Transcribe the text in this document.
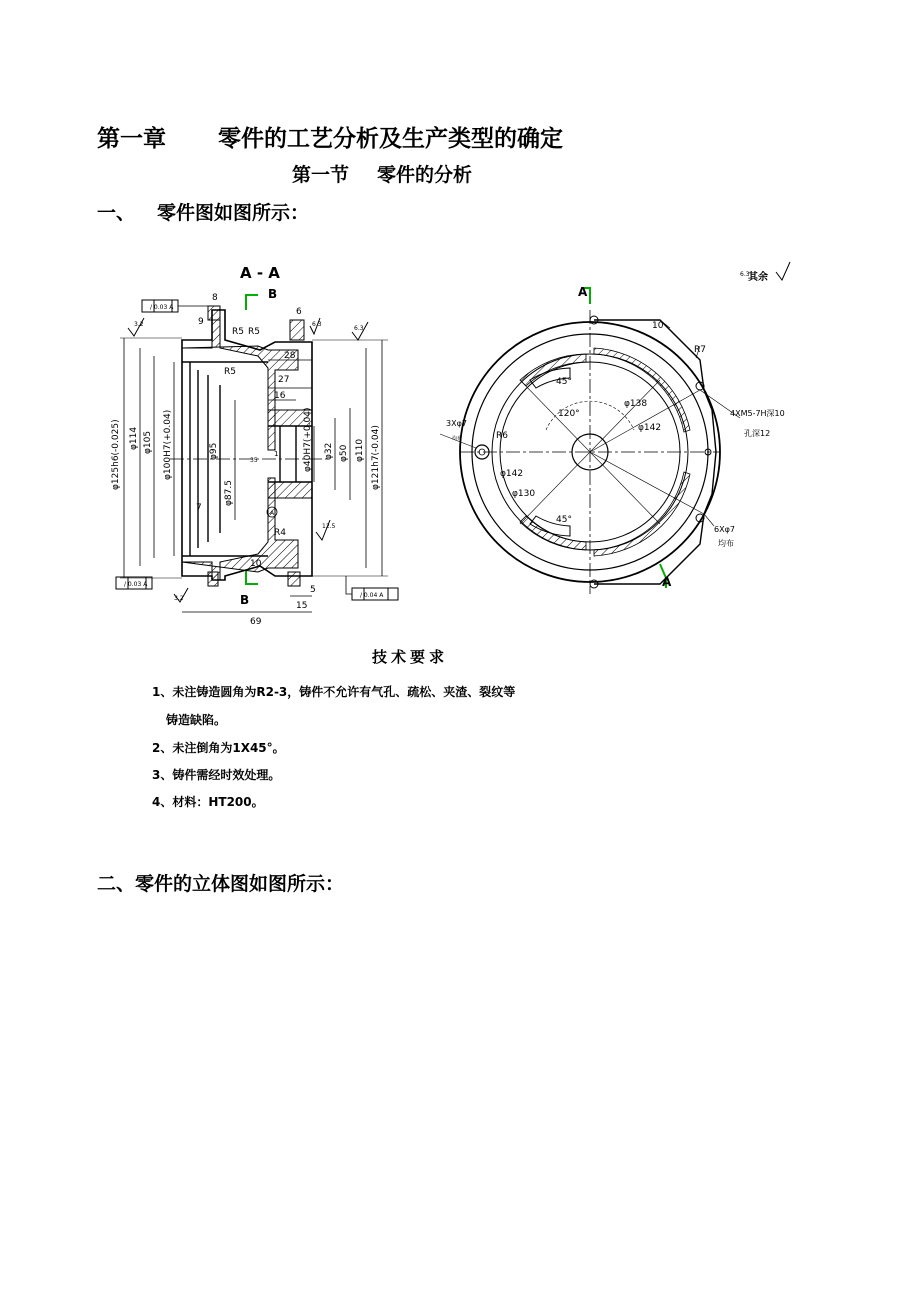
第一章 零件的工艺分析及生产类型的确定
第一节 零件的分析
一、 零件图如图所示：
A - A
B
B
/ 0.03 A
/ 0.03 A
/ 0.04 A
3.2
3.2
6.3
6.3
12.5
6.3
φ125h6(-0.025) φ114 φ105 φ100H7(+0.04)	φ95
φ87.5
φ40H7(+0.04) φ32 φ50 φ110 φ121h7(-0.04)
8
9
6
R5 R5
R5
28
27
16
7
35
1
R4
10
5
15
69
A
A
A
其余
10
R7
45°
120°
φ138
φ142
4XM5-7H深10
孔深12
3Xφ7
均布	R6
φ142
φ130
45°
6Xφ7
均布
技术要求
1、未注铸造圆角为R2-3，铸件不允许有气孔、疏松、夹渣、裂纹等
铸造缺陷。
2、未注倒角为1X45°。
3、铸件需经时效处理。
4、材料：HT200。
二、零件的立体图如图所示：
